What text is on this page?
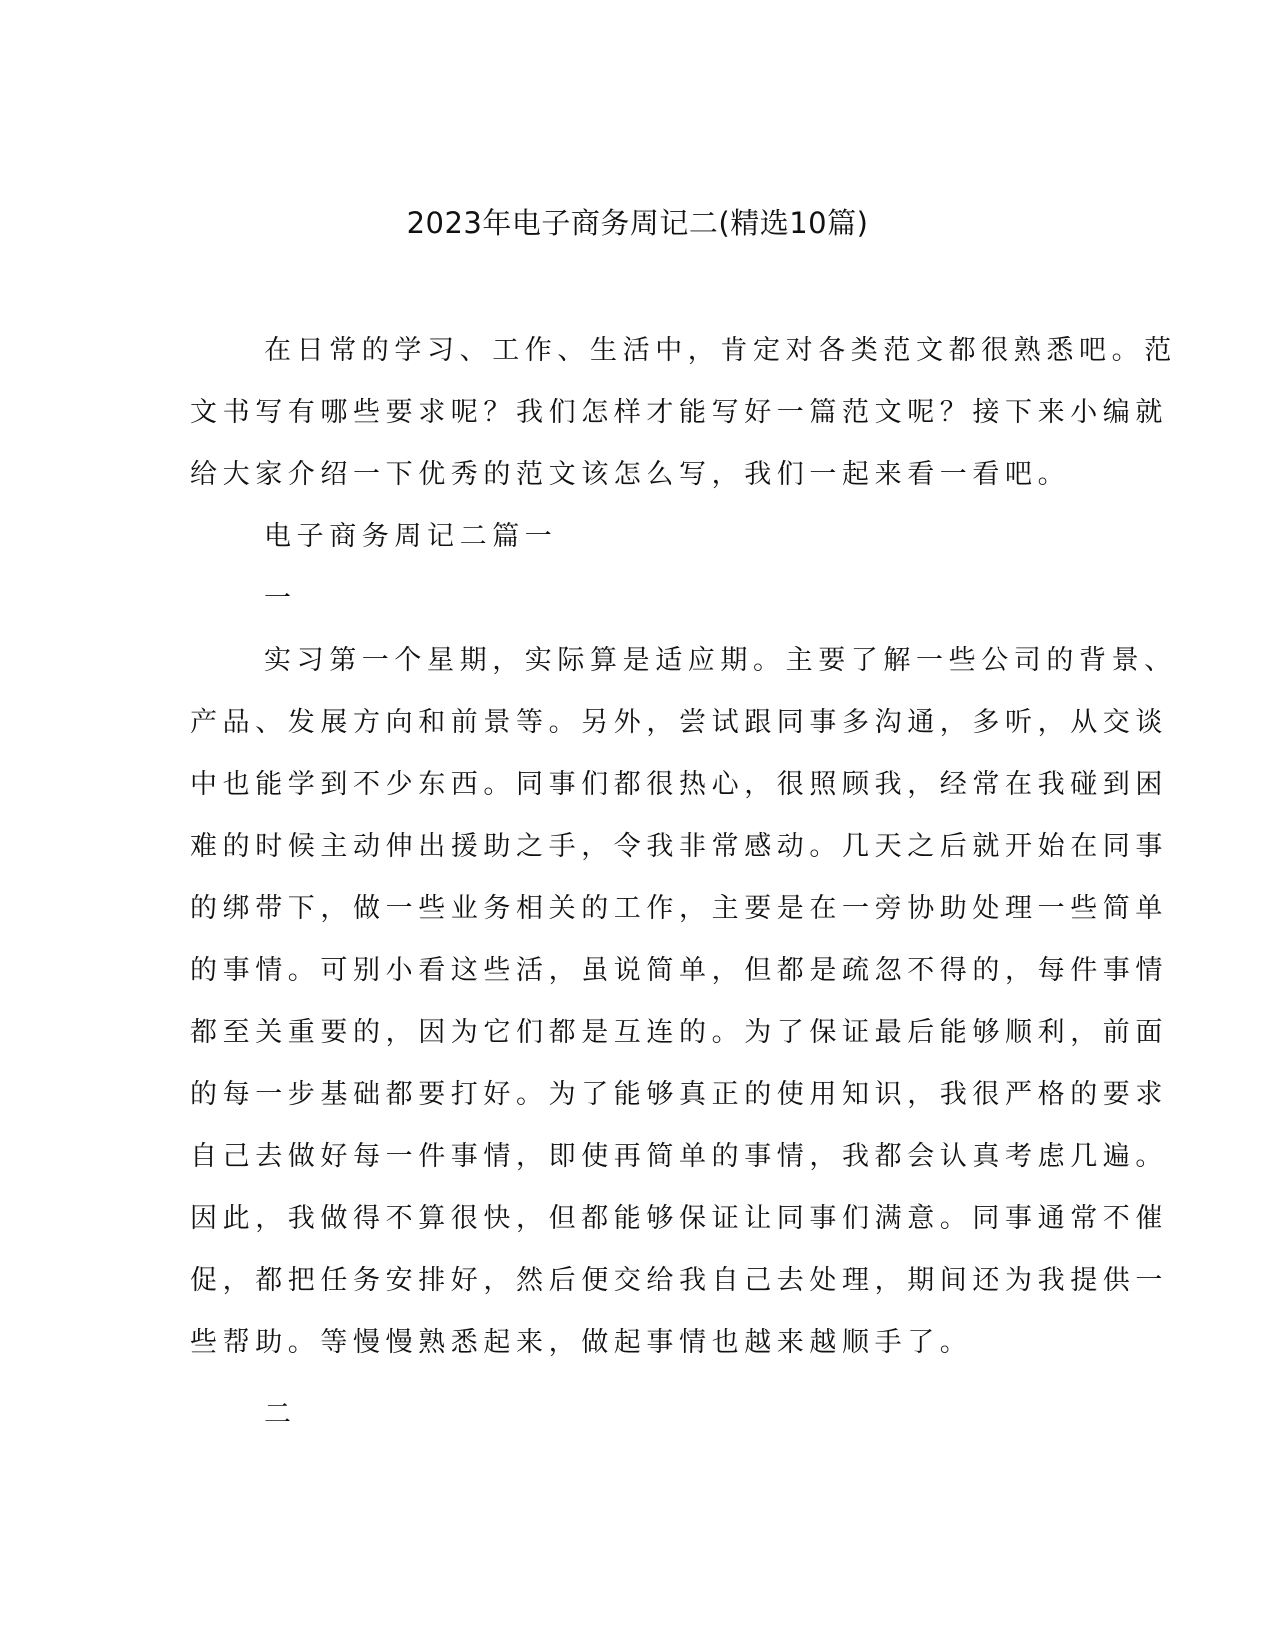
2023年电子商务周记二(精选10篇)
在日常的学习、工作、生活中，肯定对各类范文都很熟悉吧。范
文书写有哪些要求呢？我们怎样才能写好一篇范文呢？接下来小编就
给大家介绍一下优秀的范文该怎么写，我们一起来看一看吧。
电子商务周记二篇一
一
实习第一个星期，实际算是适应期。主要了解一些公司的背景、
产品、发展方向和前景等。另外，尝试跟同事多沟通，多听，从交谈
中也能学到不少东西。同事们都很热心，很照顾我，经常在我碰到困
难的时候主动伸出援助之手，令我非常感动。几天之后就开始在同事
的绑带下，做一些业务相关的工作，主要是在一旁协助处理一些简单
的事情。可别小看这些活，虽说简单，但都是疏忽不得的，每件事情
都至关重要的，因为它们都是互连的。为了保证最后能够顺利，前面
的每一步基础都要打好。为了能够真正的使用知识，我很严格的要求
自己去做好每一件事情，即使再简单的事情，我都会认真考虑几遍。
因此，我做得不算很快，但都能够保证让同事们满意。同事通常不催
促，都把任务安排好，然后便交给我自己去处理，期间还为我提供一
些帮助。等慢慢熟悉起来，做起事情也越来越顺手了。
二
